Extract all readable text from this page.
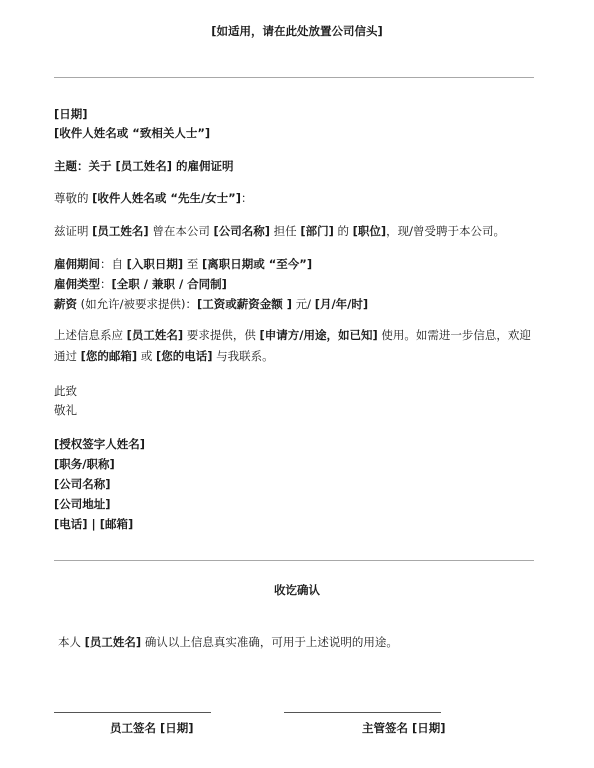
[如适用，请在此处放置公司信头]
[日期]
[收件人姓名或 “致相关人士”]
主题：关于 [员工姓名] 的雇佣证明
尊敬的 [收件人姓名或 “先生/女士”]：
兹证明 [员工姓名] 曾在本公司 [公司名称] 担任 [部门] 的 [职位]，现/曾受聘于本公司。
雇佣期间：自 [入职日期] 至 [离职日期或 “至今”]
雇佣类型：[全职 / 兼职 / 合同制]
薪资 (如允许/被要求提供)：[工资或薪资金额 ] 元/ [月/年/时]
上述信息系应 [员工姓名] 要求提供，供 [申请方/用途，如已知] 使用。如需进一步信息，欢迎通过 [您的邮箱] 或 [您的电话] 与我联系。
此致
敬礼
[授权签字人姓名]
[职务/职称]
[公司名称]
[公司地址]
[电话] | [邮箱]
收讫确认
本人 [员工姓名] 确认以上信息真实准确，可用于上述说明的用途。
员工签名 [日期]	主管签名 [日期]
